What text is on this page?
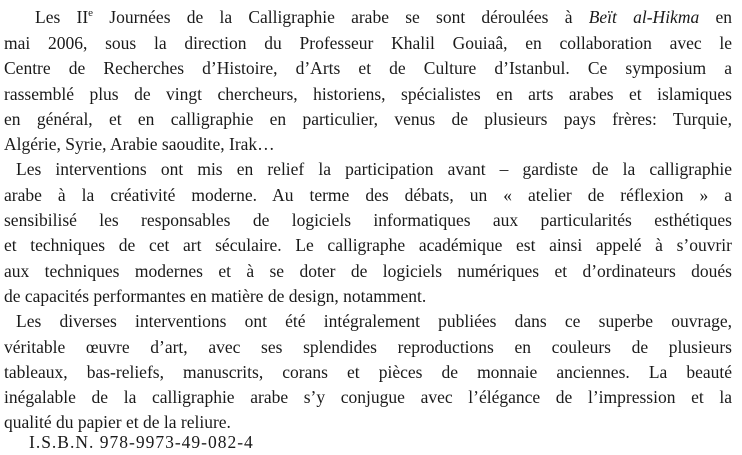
Les IIe Journées de la Calligraphie arabe se sont déroulées à Beït al-Hikma en
mai 2006, sous la direction du Professeur Khalil Gouiaâ, en collaboration avec le
Centre de Recherches d’Histoire, d’Arts et de Culture d’Istanbul. Ce symposium a
rassemblé plus de vingt chercheurs, historiens, spécialistes en arts arabes et islamiques
en général, et en calligraphie en particulier, venus de plusieurs pays frères: Turquie,
Algérie, Syrie, Arabie saoudite, Irak…
Les interventions ont mis en relief la participation avant – gardiste de la calligraphie
arabe à la créativité moderne. Au terme des débats, un « atelier de réflexion » a
sensibilisé les responsables de logiciels informatiques aux particularités esthétiques
et techniques de cet art séculaire. Le calligraphe académique est ainsi appelé à s’ouvrir
aux techniques modernes et à se doter de logiciels numériques et d’ordinateurs doués
de capacités performantes en matière de design, notamment.
Les diverses interventions ont été intégralement publiées dans ce superbe ouvrage,
véritable œuvre d’art, avec ses splendides reproductions en couleurs de plusieurs
tableaux, bas-reliefs, manuscrits, corans et pièces de monnaie anciennes. La beauté
inégalable de la calligraphie arabe s’y conjugue avec l’élégance de l’impression et la
qualité du papier et de la reliure.
I.S.B.N. 978-9973-49-082-4
